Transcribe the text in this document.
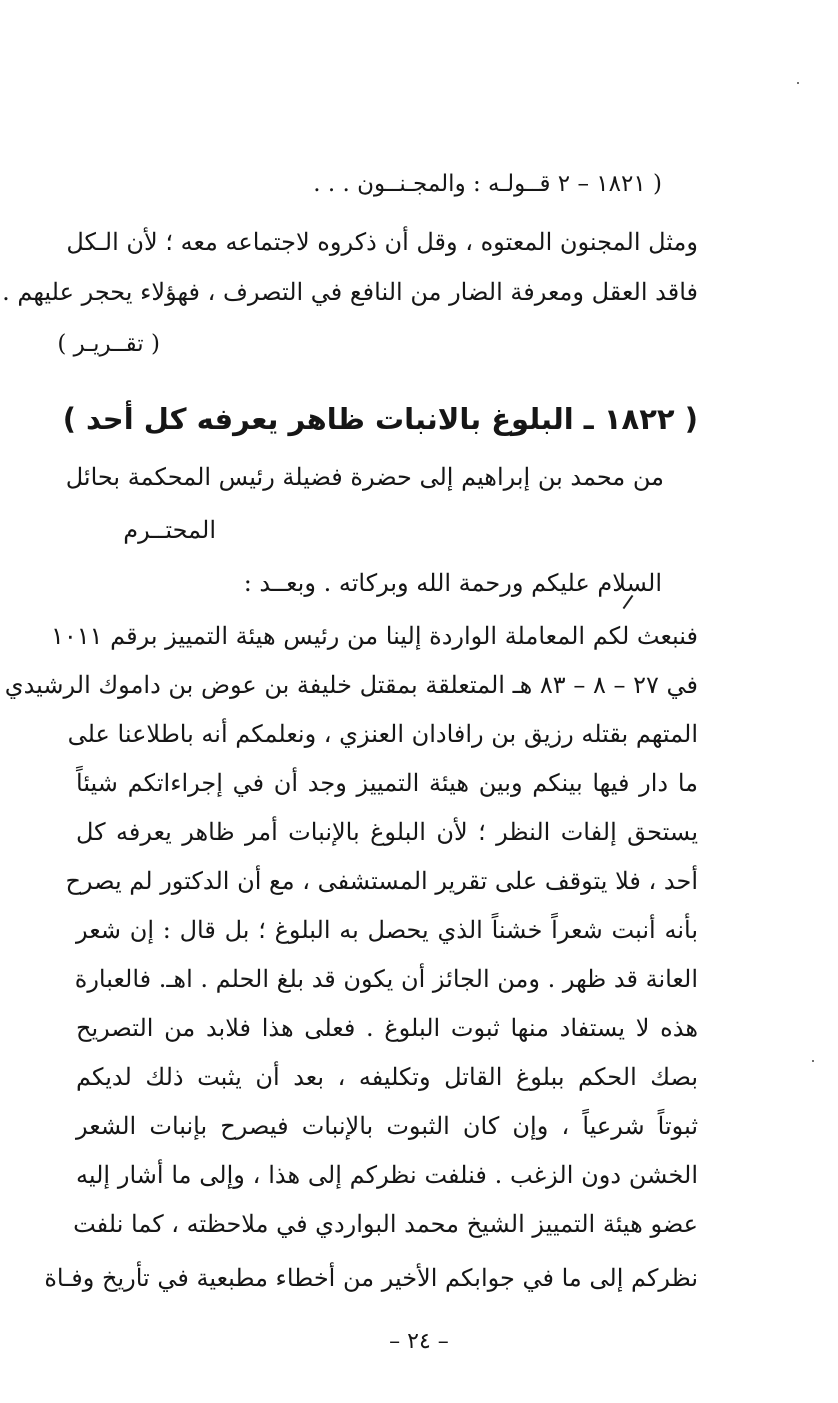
( ١٨٢١ – ٢ قــولـه : والمجـنــون . . .
ومثل المجنون المعتوه ، وقل أن ذكروه لاجتماعه معه ؛ لأن الـكل
فاقد العقل ومعرفة الضار من النافع في التصرف ، فهؤلاء يحجر عليهم .
( تقــريـر )
( ١٨٢٢ ـ البلوغ بالانبات ظاهر يعرفه كل أحد )
من محمد بن إبراهيم إلى حضرة فضيلة رئيس المحكمة بحائل
المحتــرم
السلام عليكم ورحمة الله وبركاته . وبعــد :
فنبعث لكم المعاملة الواردة إلينا من رئيس هيئة التمييز برقم ١٠١١
في ٢٧ – ٨ – ٨٣ هـ المتعلقة بمقتل خليفة بن عوض بن داموك الرشيدي
المتهم بقتله رزيق بن رافادان العنزي ، ونعلمكم أنه باطلاعنا على
ما دار فيها بينكم وبين هيئة التمييز وجد أن في إجراءاتكم شيئاً
يستحق إلفات النظر ؛ لأن البلوغ بالإنبات أمر ظاهر يعرفه كل
أحد ، فلا يتوقف على تقرير المستشفى ، مع أن الدكتور لم يصرح
بأنه أنبت شعراً خشناً الذي يحصل به البلوغ ؛ بل قال : إن شعر
العانة قد ظهر . ومن الجائز أن يكون قد بلغ الحلم . اهـ. فالعبارة
هذه لا يستفاد منها ثبوت البلوغ . فعلى هذا فلابد من التصريح
بصك الحكم ببلوغ القاتل وتكليفه ، بعد أن يثبت ذلك لديكم
ثبوتاً شرعياً ، وإن كان الثبوت بالإنبات فيصرح بإنبات الشعر
الخشن دون الزغب . فنلفت نظركم إلى هذا ، وإلى ما أشار إليه
عضو هيئة التمييز الشيخ محمد البواردي في ملاحظته ، كما نلفت
نظركم إلى ما في جوابكم الأخير من أخطاء مطبعية في تأريخ وفـاة
– ٢٤ –
